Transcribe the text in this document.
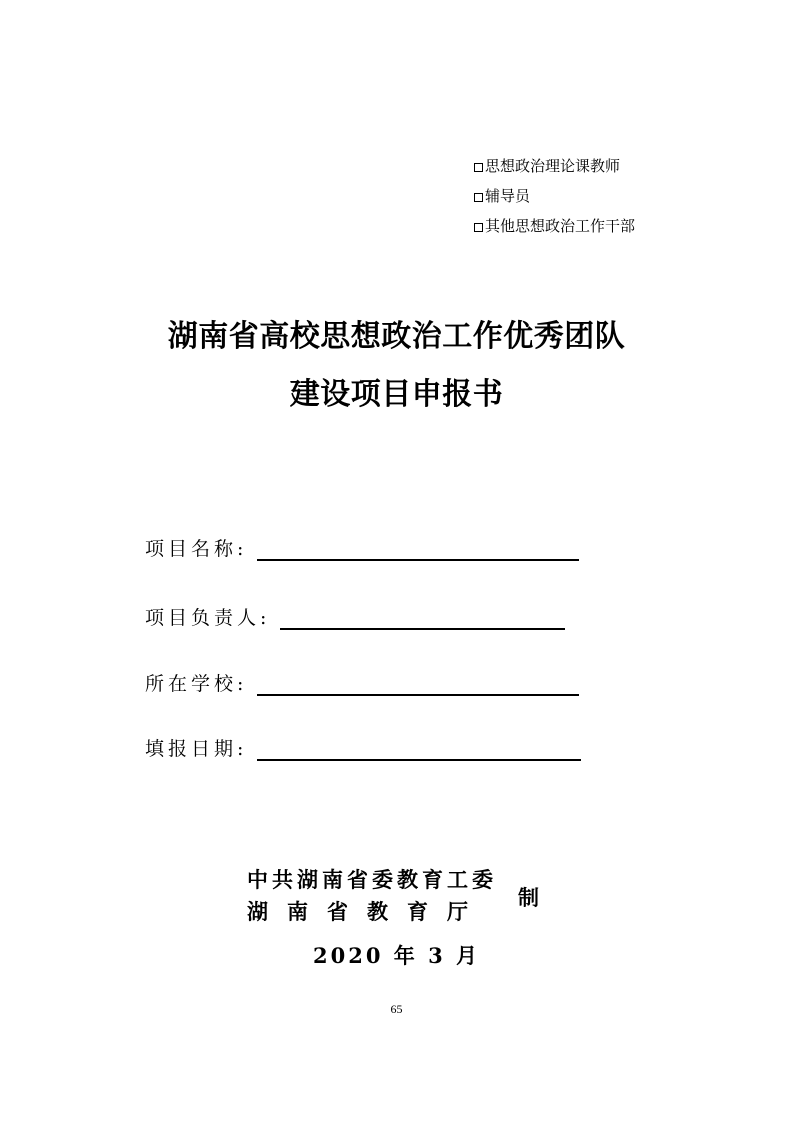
思想政治理论课教师
辅导员
其他思想政治工作干部
湖南省高校思想政治工作优秀团队
建设项目申报书
项目名称:
项目负责人:
所在学校:
填报日期:
中共湖南省委教育工委
湖南省教育厅
制
2020 年 3 月
65
